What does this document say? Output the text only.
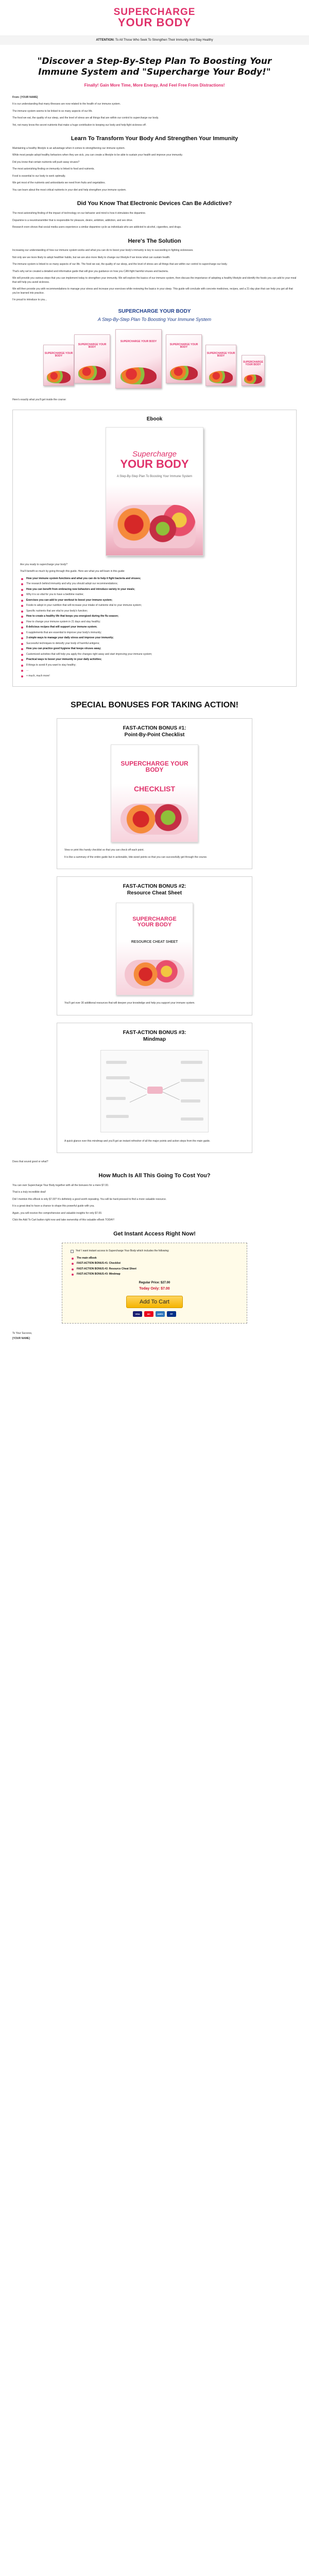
SUPERCHARGE
YOUR BODY
ATTENTION: To All Those Who Seek To Strengthen Their Immunity And Stay Healthy
"Discover a Step-By-Step Plan To Boosting Your Immune System and "Supercharge Your Body!"
Finally! Gain More Time, More Energy, And Feel Free From Distractions!

From: [YOUR NAME]

It is our understanding that many illnesses are now related to the health of our immune system.

The immune system seems to be linked to so many aspects of our life.

The food we eat, the quality of our sleep, and the level of stress are all things that are within our control to supercharge our body.

Yet, not many know the secret nutrients that make a huge contribution to keeping our body and help fight sickness off.

Learn To Transform Your Body And Strengthen Your Immunity

Maintaining a healthy lifestyle is an advantage when it comes to strengthening our immune system.

While most people adopt healthy behaviors when they are sick, you can create a lifestyle to be able to sustain your health and improve your immunity.

Did you know that certain nutrients will push away viruses?

The most astonishing finding on immunity is linked to food and nutrients.

Food is essential to our body to work optimally.

We get most of the nutrients and antioxidants we need from fruits and vegetables.

You can learn about the most critical nutrients in your diet and help strengthen your immune system.

Did You Know That Electronic Devices Can Be Addictive?

The most astonishing finding of the impact of technology on our behavior and mind is how it stimulates the dopamine.

Dopamine is a neurotransmitter that is responsible for pleasure, desire, ambition, addiction, and sex drive.

Research even shows that social media users experience a similar dopamine cycle as individuals who are addicted to alcohol, cigarettes, and drugs.

Here's The Solution

Increasing our understanding of how our immune system works and what you can do to boost your body's immunity is key to succeeding in fighting sicknesses.

Not only are we more likely to adopt healthier habits, but we are also more likely to change our lifestyle if we know what can sustain health.

The immune system is linked to so many aspects of our life. The food we eat, the quality of our sleep, and the level of stress are all things that are within our control to supercharge our body.

That's why we've created a detailed and informative guide that will give you guidance on how you CAN fight harmful viruses and bacteria.

We will provide you various steps that you can implement today to strengthen your immunity. We will explore the basics of our immune system, then discuss the importance of adopting a healthy lifestyle and identify the foods you can add to your meal that will help you avoid sickness.

We will then provide you with recommendations to manage your stress and increase your exercises while reviewing the basics in your sleep. This guide will conclude with concrete medicines, recipes, and a 21-day plan that can help you get all that you've learned into practice.

I'm proud to introduce to you...

SUPERCHARGE YOUR BODY
A Step-By-Step Plan To Boosting Your Immune System
SUPERCHARGE YOUR BODY
SUPERCHARGE YOUR BODY
SUPERCHARGE YOUR BODY
SUPERCHARGE YOUR BODY
SUPERCHARGE YOUR BODY
SUPERCHARGE YOUR BODY

Here's exactly what you'll get inside the course:

Ebook
Supercharge
YOUR BODY
A Step-By-Step Plan To Boosting Your Immune System

Are you ready to supercharge your body?

You'll benefit so much by going through this guide. Here are what you will learn in this guide:

How your immune system functions and what you can do to help it fight bacteria and viruses;
The research behind immunity and why you should adopt our recommendations;
How you can benefit from embracing new behaviors and introduce variety in your meals;
Why it is so vital for you to have a bedtime routine;
Exercises you can add to your workout to boost your immune system;
Foods to adopt in your nutrition that will increase your intake of nutrients vital to your immune system;
Specific nutrients that are vital to your body's function;
How to create a healthy life that keeps you energized during the flu season;
How to change your immune system in 21 days and stay healthy;
8 delicious recipes that will support your immune system;
6 supplements that are essential to improve your body's immunity;
3 simple ways to manage your daily stress and improve your immunity;
Successful techniques to detoxify your body of harmful antigens;
How you can practice good hygiene that keeps viruses away;
Customized activities that will help you apply the changes right away and start improving your immune system;
Practical ways to boost your immunity in your daily activities;
8 things to avoid if you want to stay healthy;
...
+ much, much more!
SPECIAL BONUSES FOR TAKING ACTION!
FAST-ACTION BONUS #1:
Point-By-Point Checklist
SUPERCHARGE YOUR BODY
CHECKLIST

View or print this handy checklist so that you can check off each point.

It is like a summary of the entire guide but in actionable, bite-sized points so that you can successfully get through the course.

FAST-ACTION BONUS #2:
Resource Cheat Sheet
SUPERCHARGE YOUR BODY
RESOURCE CHEAT SHEET

You'll get over 30 additional resources that will deepen your knowledge and help you support your immune system.

FAST-ACTION BONUS #3:
Mindmap

A quick glance over this mindmap and you'll get an instant refresher of all the major points and action steps from the main guide.

Does that sound good or what?

How Much Is All This Going To Cost You?

You can own Supercharge Your Body together with all the bonuses for a mere $7.00.

That is a truly incredible deal!

Did I mention this eBook is only $7.00? It's definitely a good worth repeating. You will be hard-pressed to find a more valuable resource.

It is a great deal to have a chance to shape this powerful guide with you.

Again, you will receive the comprehensive and valuable insights for only $7.00.

Click the Add To Cart button right now and take ownership of this valuable eBook TODAY!

Get Instant Access Right Now!
Yes! I want instant access to Supercharge Your Body which includes the following:
The main eBook
FAST-ACTION BONUS #1: Checklist
FAST-ACTION BONUS #2: Resource Cheat Sheet
FAST-ACTION BONUS #3: Mindmap
Regular Price: $27.00
Today Only: $7.00
Add To Cart
VISA	MC	AMEX	PP

To Your Success,

[YOUR NAME]
